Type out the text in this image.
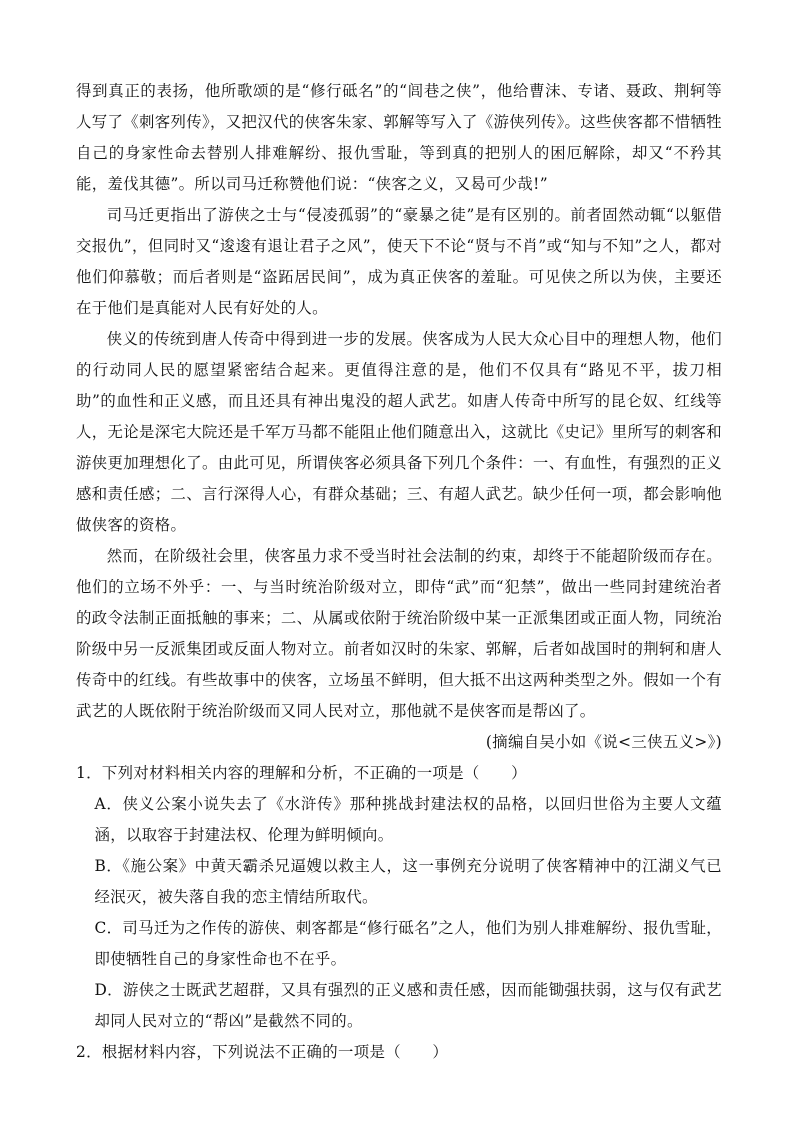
得到真正的表扬，他所歌颂的是“修行砥名”的“闾巷之侠”，他给曹沫、专诸、聂政、荆轲等人写了《刺客列传》，又把汉代的侠客朱家、郭解等写入了《游侠列传》。这些侠客都不惜牺牲自己的身家性命去替别人排难解纷、报仇雪耻，等到真的把别人的困厄解除，却又“不矜其能，羞伐其德”。所以司马迁称赞他们说：“侠客之义，又曷可少哉!”

司马迁更指出了游侠之士与“侵凌孤弱”的“豪暴之徒”是有区别的。前者固然动辄“以躯借交报仇”，但同时又“逡逡有退让君子之风”，使天下不论“贤与不肖”或“知与不知”之人，都对他们仰慕敬；而后者则是“盗跖居民间”，成为真正侠客的羞耻。可见侠之所以为侠，主要还在于他们是真能对人民有好处的人。

侠义的传统到唐人传奇中得到进一步的发展。侠客成为人民大众心目中的理想人物，他们的行动同人民的愿望紧密结合起来。更值得注意的是，他们不仅具有“路见不平，拔刀相助”的血性和正义感，而且还具有神出鬼没的超人武艺。如唐人传奇中所写的昆仑奴、红线等人，无论是深宅大院还是千军万马都不能阻止他们随意出入，这就比《史记》里所写的刺客和游侠更加理想化了。由此可见，所谓侠客必须具备下列几个条件：一、有血性，有强烈的正义感和责任感；二、言行深得人心，有群众基础；三、有超人武艺。缺少任何一项，都会影响他做侠客的资格。

然而，在阶级社会里，侠客虽力求不受当时社会法制的约束，却终于不能超阶级而存在。他们的立场不外乎：一、与当时统治阶级对立，即侍“武”而“犯禁”，做出一些同封建统治者的政令法制正面抵触的事来；二、从属或依附于统治阶级中某一正派集团或正面人物，同统治阶级中另一反派集团或反面人物对立。前者如汉时的朱家、郭解，后者如战国时的荆轲和唐人传奇中的红线。有些故事中的侠客，立场虽不鲜明，但大抵不出这两种类型之外。假如一个有武艺的人既依附于统治阶级而又同人民对立，那他就不是侠客而是帮凶了。

(摘编自吴小如《说<三侠五义>》)

1．下列对材料相关内容的理解和分析，不正确的一项是（　　）

A．侠义公案小说失去了《水浒传》那种挑战封建法权的品格，以回归世俗为主要人文蕴涵，以取容于封建法权、伦理为鲜明倾向。

B．《施公案》中黄天霸杀兄逼嫂以救主人，这一事例充分说明了侠客精神中的江湖义气已经泯灭，被失落自我的恋主情结所取代。

C．司马迁为之作传的游侠、刺客都是“修行砥名”之人，他们为别人排难解纷、报仇雪耻，即使牺牲自己的身家性命也不在乎。

D．游侠之士既武艺超群，又具有强烈的正义感和责任感，因而能锄强扶弱，这与仅有武艺却同人民对立的“帮凶”是截然不同的。

2．根据材料内容，下列说法不正确的一项是（　　）
